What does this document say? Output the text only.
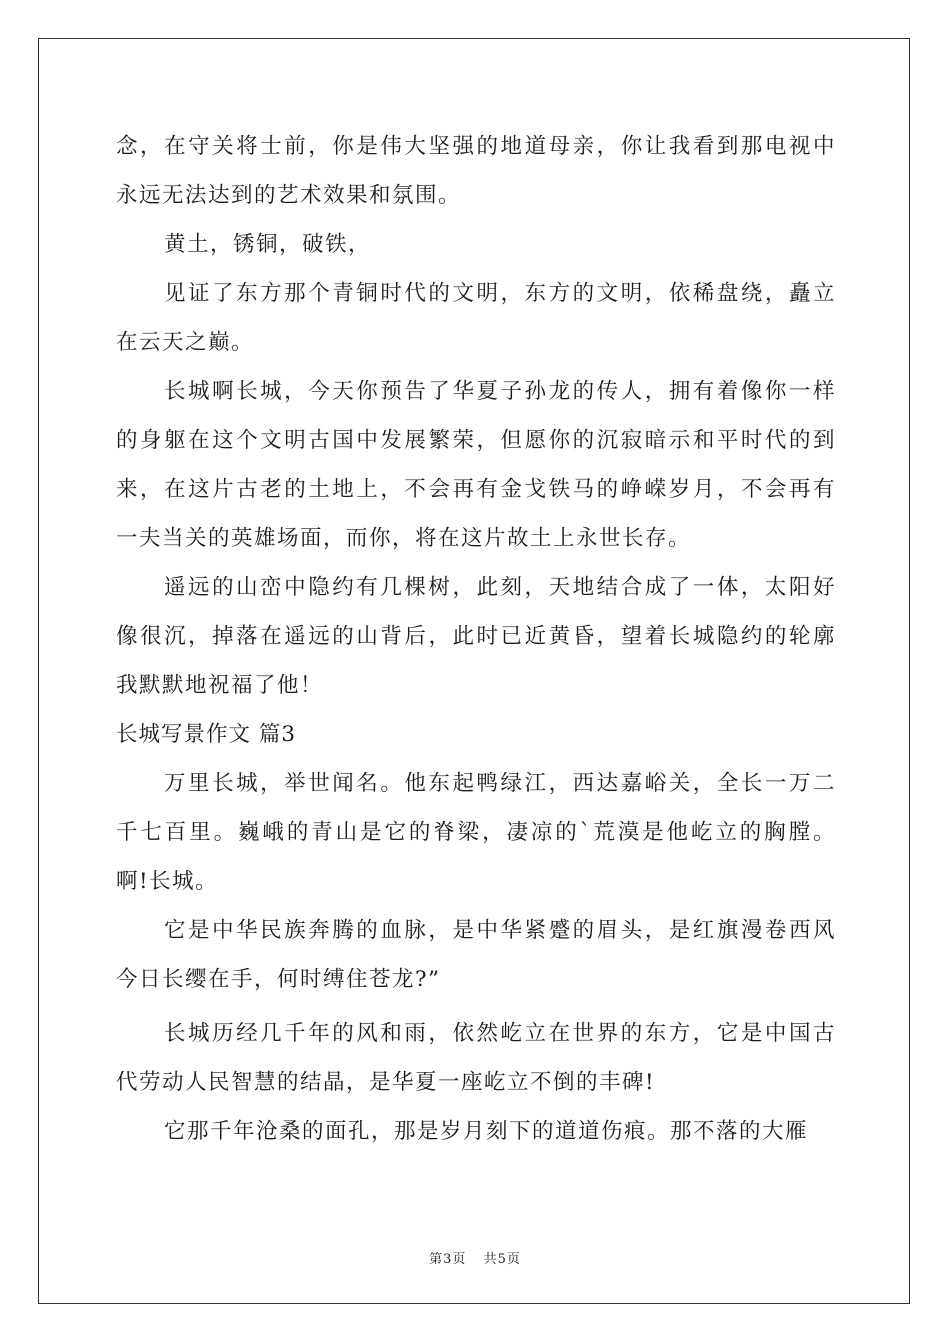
念，在守关将士前，你是伟大坚强的地道母亲，你让我看到那电视中
永远无法达到的艺术效果和氛围。
黄土，锈铜，破铁，
见证了东方那个青铜时代的文明，东方的文明，依稀盘绕，矗立
在云天之巅。
长城啊长城，今天你预告了华夏子孙龙的传人，拥有着像你一样
的身躯在这个文明古国中发展繁荣，但愿你的沉寂暗示和平时代的到
来，在这片古老的土地上，不会再有金戈铁马的峥嵘岁月，不会再有
一夫当关的英雄场面，而你，将在这片故土上永世长存。
遥远的山峦中隐约有几棵树，此刻，天地结合成了一体，太阳好
像很沉，掉落在遥远的山背后，此时已近黄昏，望着长城隐约的轮廓
我默默地祝福了他！
长城写景作文 篇3
万里长城，举世闻名。他东起鸭绿江，西达嘉峪关，全长一万二
千七百里。巍峨的青山是它的脊梁，凄凉的`荒漠是他屹立的胸膛。
啊!长城。
它是中华民族奔腾的血脉，是中华紧蹙的眉头，是红旗漫卷西风
今日长缨在手，何时缚住苍龙?”
长城历经几千年的风和雨，依然屹立在世界的东方，它是中国古
代劳动人民智慧的结晶，是华夏一座屹立不倒的丰碑!
它那千年沧桑的面孔，那是岁月刻下的道道伤痕。那不落的大雁
第3页 共5页
